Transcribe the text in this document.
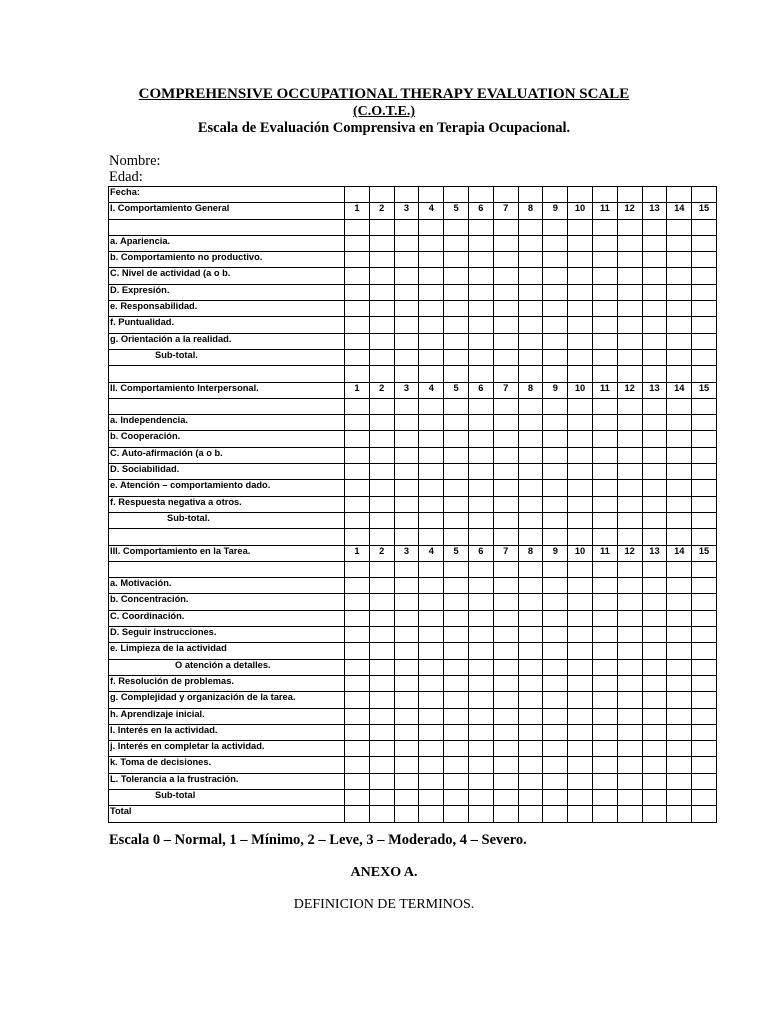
COMPREHENSIVE OCCUPATIONAL THERAPY EVALUATION SCALE
(C.O.T.E.)
Escala de Evaluación Comprensiva en Terapia Ocupacional.
Nombre:
Edad:
Fecha:															
I. Comportamiento General	1	2	3	4	5	6	7	8	9	10	11	12	13	14	15

a. Apariencia.															
b. Comportamiento no productivo.															
C. Nivel de actividad (a o b.															
D. Expresión.															
e. Responsabilidad.															
f. Puntualidad.															
g. Orientación a la realidad.															
Sub-total.															

II. Comportamiento Interpersonal.	1	2	3	4	5	6	7	8	9	10	11	12	13	14	15

a. Independencia.															
b. Cooperación.															
C. Auto-afirmación (a o b.															
D. Sociabilidad.															
e. Atención – comportamiento dado.															
f. Respuesta negativa a otros.															
Sub-total.															

III. Comportamiento en la Tarea.	1	2	3	4	5	6	7	8	9	10	11	12	13	14	15

a. Motivación.															
b. Concentración.															
C. Coordinación.															
D. Seguir instrucciones.															
e. Limpieza de la actividad															
O atención a detalles.															
f. Resolución de problemas.															
g. Complejidad y organización de la tarea.															
h. Aprendizaje inicial.															
I. Interés en la actividad.															
j. Interés en completar la actividad.															
k. Toma de decisiones.															
L. Tolerancia a la frustración.															
Sub-total															
Total															
Escala 0 – Normal, 1 – Mínimo, 2 – Leve, 3 – Moderado, 4 – Severo.
ANEXO A.
DEFINICION DE TERMINOS.
